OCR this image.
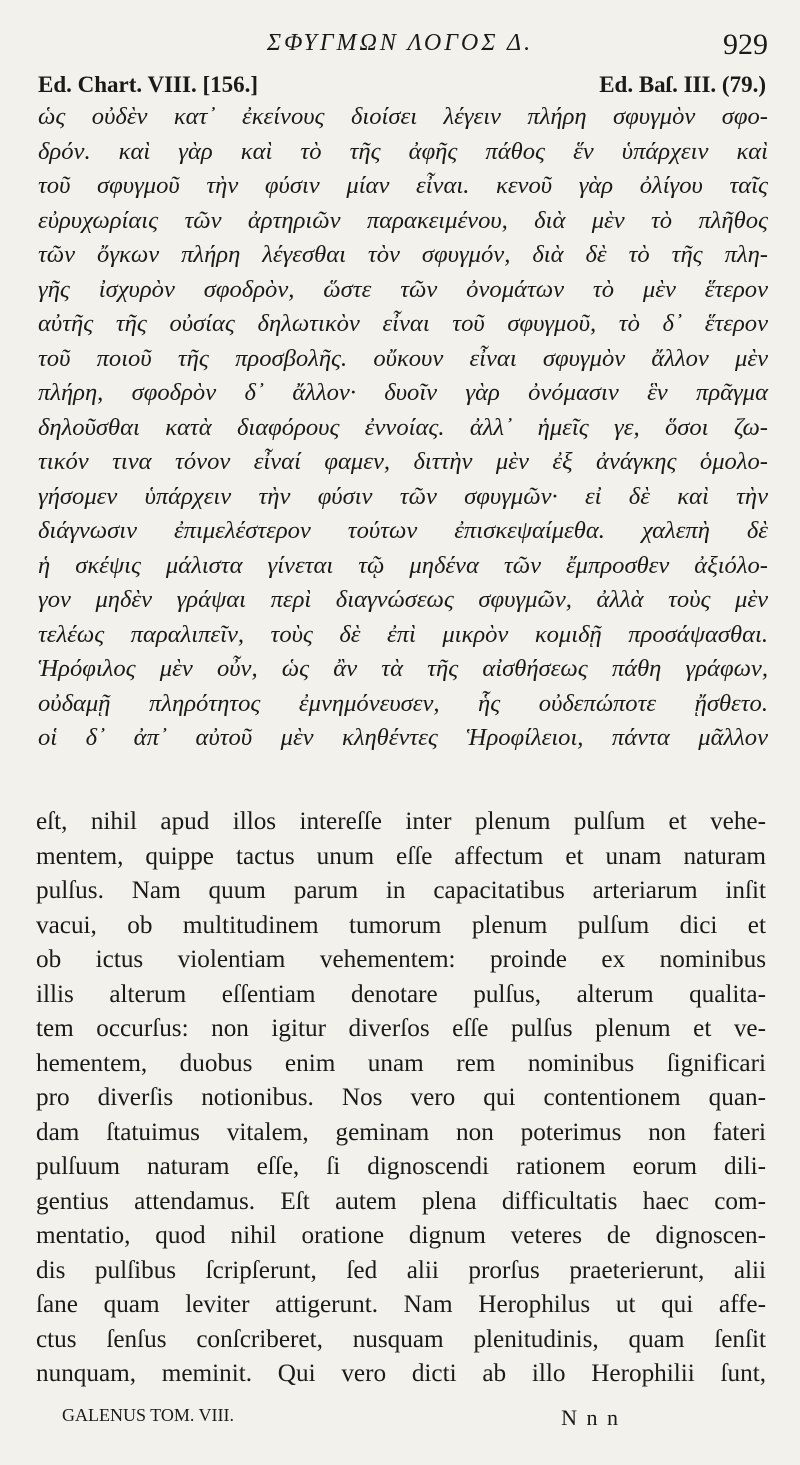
ΣΦΥΓΜΩΝ ΛΟΓΟΣ Δ.	929
Ed. Chart. VIII. [156.]	Ed. Baſ. III. (79.)
ὡς οὐδὲν κατ᾽ ἐκείνους διοίσει λέγειν πλήρη σφυγμὸν σφο-
δρόν. καὶ γὰρ καὶ τὸ τῆς ἀφῆς πάθος ἕν ὑπάρχειν καὶ
τοῦ σφυγμοῦ τὴν φύσιν μίαν εἶναι. κενοῦ γὰρ ὀλίγου ταῖς
εὐρυχωρίαις τῶν ἀρτηριῶν παρακειμένου, διὰ μὲν τὸ πλῆθος
τῶν ὄγκων πλήρη λέγεσθαι τὸν σφυγμόν, διὰ δὲ τὸ τῆς πλη-
γῆς ἰσχυρὸν σφοδρὸν, ὥστε τῶν ὀνομάτων τὸ μὲν ἕτερον
αὐτῆς τῆς οὐσίας δηλωτικὸν εἶναι τοῦ σφυγμοῦ, τὸ δ᾽ ἕτερον
τοῦ ποιοῦ τῆς προσβολῆς. οὔκουν εἶναι σφυγμὸν ἄλλον μὲν
πλήρη, σφοδρὸν δ᾽ ἄλλον· δυοῖν γὰρ ὀνόμασιν ἓν πρᾶγμα
δηλοῦσθαι κατὰ διαφόρους ἐννοίας. ἀλλ᾽ ἡμεῖς γε, ὅσοι ζω-
τικόν τινα τόνον εἶναί φαμεν, διττὴν μὲν ἐξ ἀνάγκης ὁμολο-
γήσομεν ὑπάρχειν τὴν φύσιν τῶν σφυγμῶν· εἰ δὲ καὶ τὴν
διάγνωσιν ἐπιμελέστερον τούτων ἐπισκεψαίμεθα. χαλεπὴ δὲ
ἡ σκέψις μάλιστα γίνεται τῷ μηδένα τῶν ἔμπροσθεν ἀξιόλο-
γον μηδὲν γράψαι περὶ διαγνώσεως σφυγμῶν, ἀλλὰ τοὺς μὲν
τελέως παραλιπεῖν, τοὺς δὲ ἐπὶ μικρὸν κομιδῇ προσάψασθαι.
Ἡρόφιλος μὲν οὖν, ὡς ἂν τὰ τῆς αἰσθήσεως πάθη γράφων,
οὐδαμῇ πληρότητος ἐμνημόνευσεν, ἧς οὐδεπώποτε ᾔσθετο.
οἱ δ᾽ ἀπ᾽ αὐτοῦ μὲν κληθέντες Ἡροφίλειοι, πάντα μᾶλλον
eſt, nihil apud illos intereſſe inter plenum pulſum et vehe-
mentem, quippe tactus unum eſſe affectum et unam naturam
pulſus. Nam quum parum in capacitatibus arteriarum inſit
vacui, ob multitudinem tumorum plenum pulſum dici et
ob ictus violentiam vehementem: proinde ex nominibus
illis alterum eſſentiam denotare pulſus, alterum qualita-
tem occurſus: non igitur diverſos eſſe pulſus plenum et ve-
hementem, duobus enim unam rem nominibus ſignificari
pro diverſis notionibus. Nos vero qui contentionem quan-
dam ſtatuimus vitalem, geminam non poterimus non fateri
pulſuum naturam eſſe, ſi dignoscendi rationem eorum dili-
gentius attendamus. Eſt autem plena difficultatis haec com-
mentatio, quod nihil oratione dignum veteres de dignoscen-
dis pulſibus ſcripſerunt, ſed alii prorſus praeterierunt, alii
ſane quam leviter attigerunt. Nam Herophilus ut qui affe-
ctus ſenſus conſcriberet, nusquam plenitudinis, quam ſenſit
nunquam, meminit. Qui vero dicti ab illo Herophilii ſunt,
GALENUS TOM. VIII.	N n n
